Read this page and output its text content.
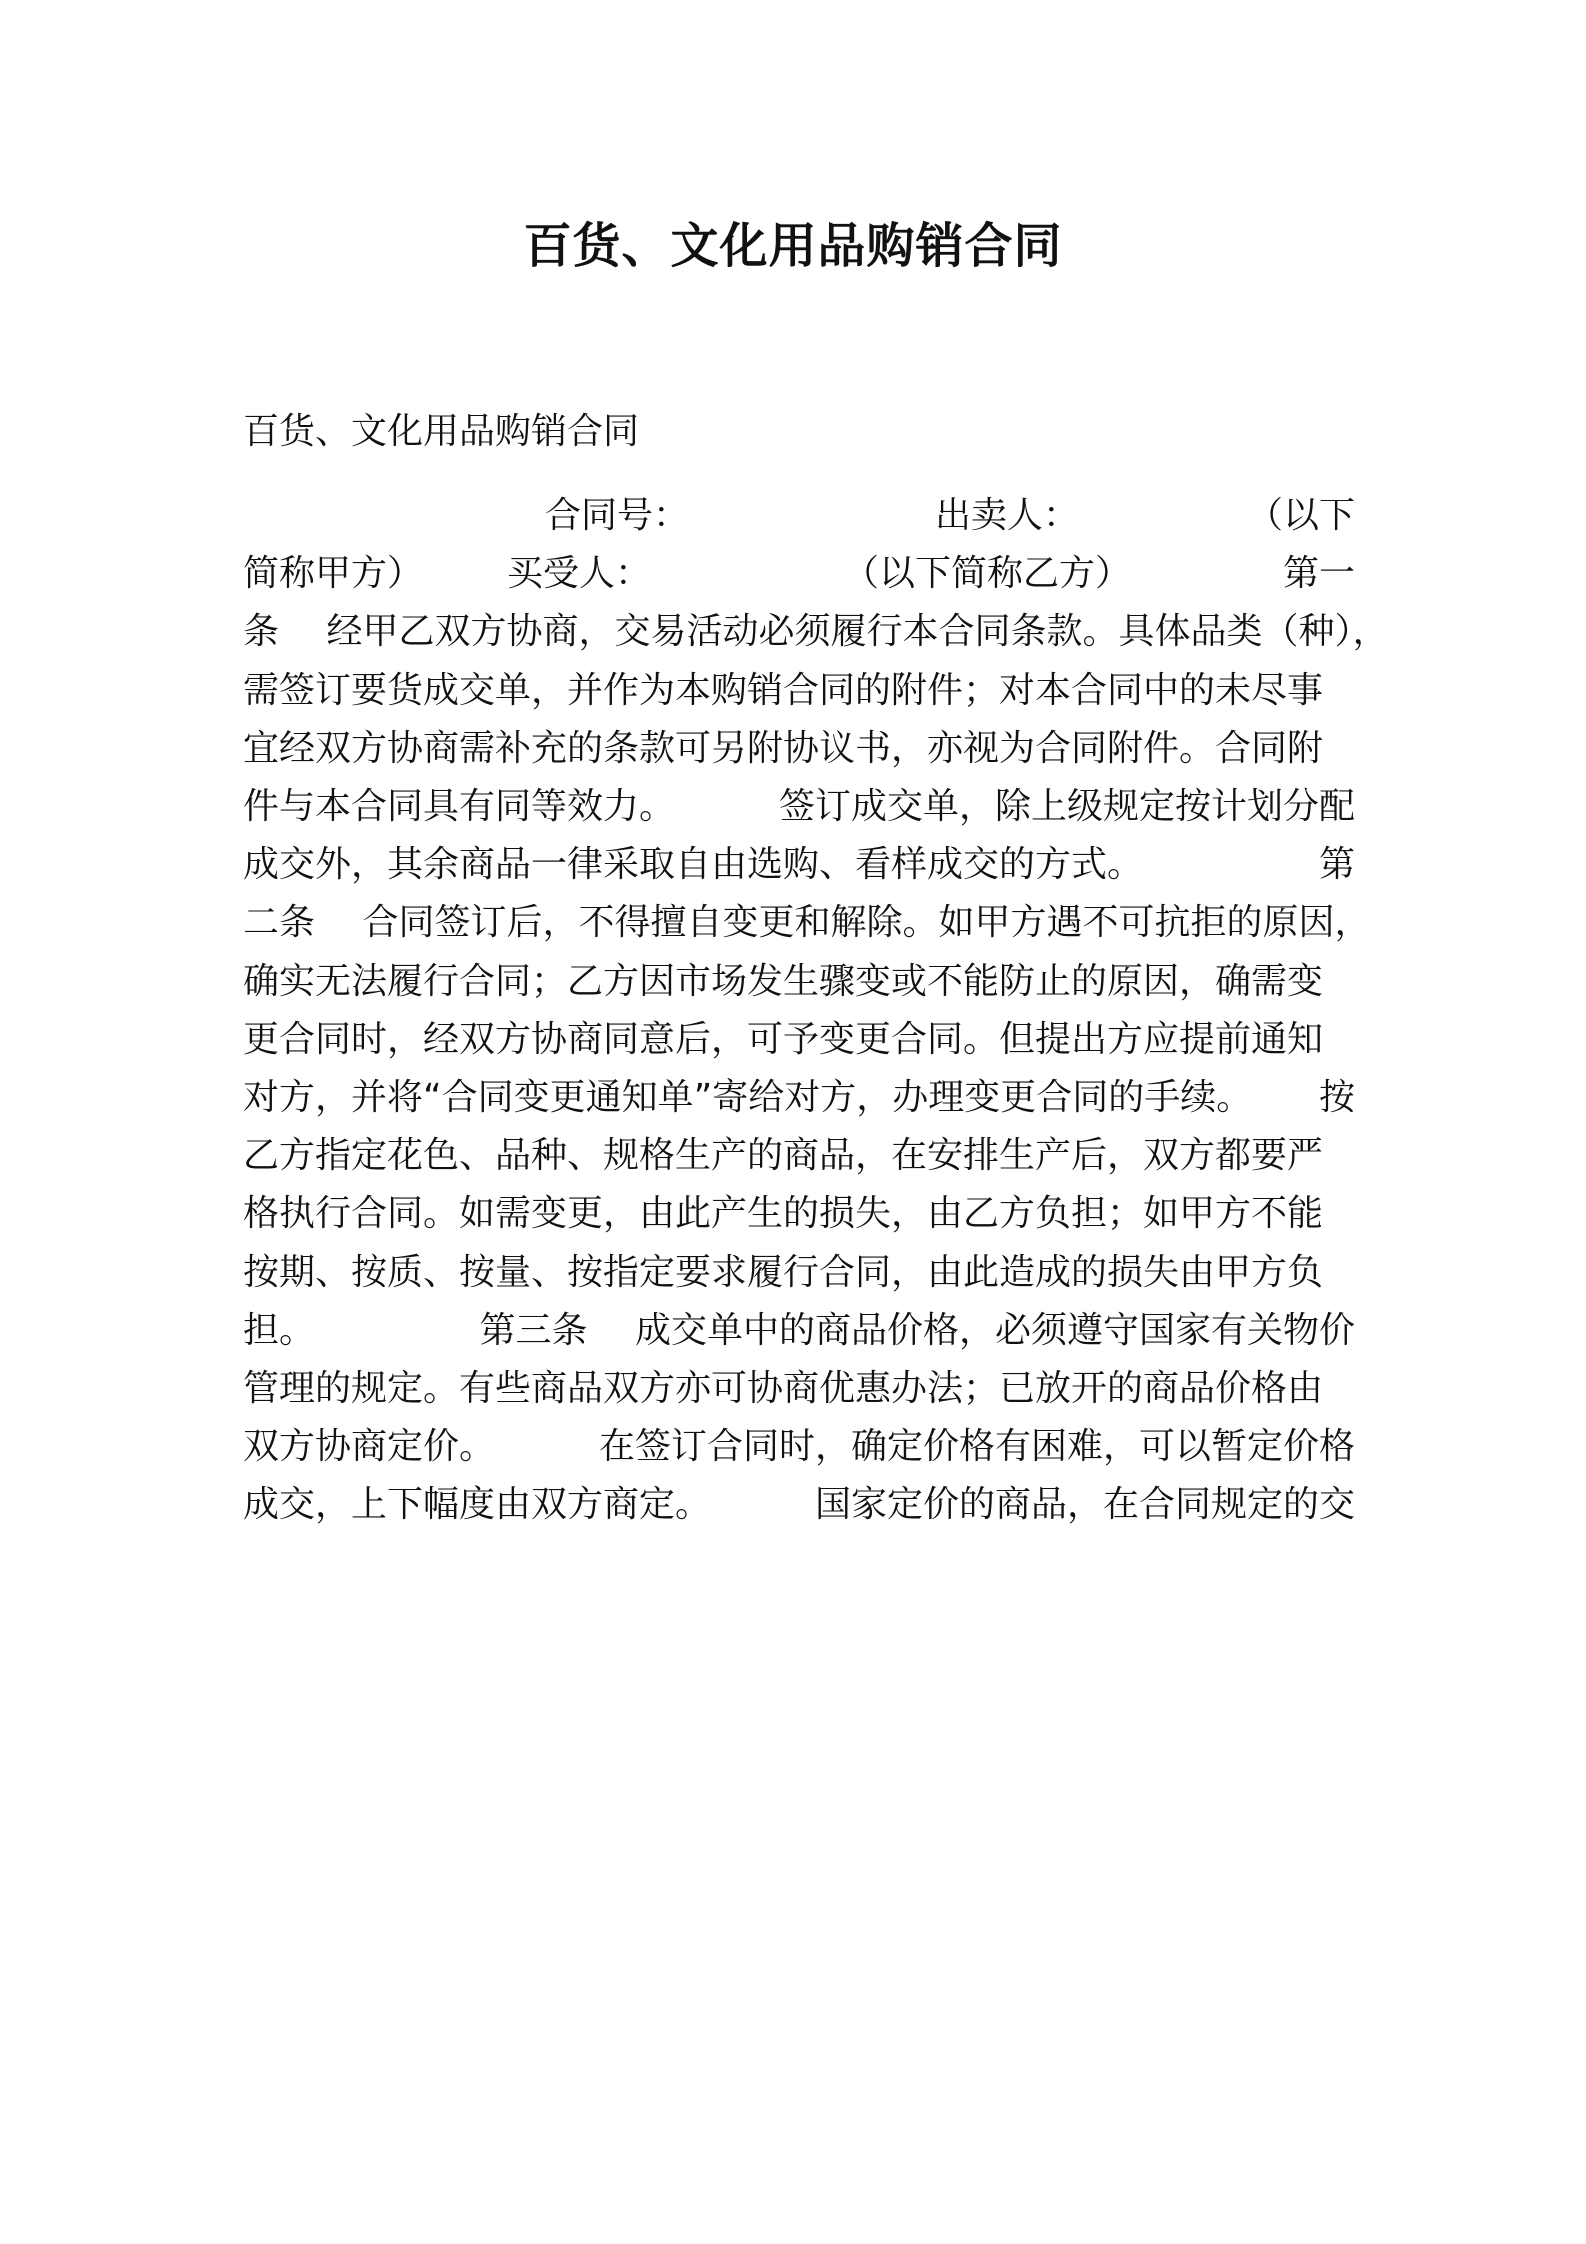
百货、文化用品购销合同

百货、文化用品购销合同

合同号：	出卖人：	（以下
简称甲方） 买受人：	（以下简称乙方）	第一
条 　经甲乙双方协商，交易活动必须履行本合同条款。具体品类（种），
需签订要货成交单，并作为本购销合同的附件；对本合同中的未尽事
宜经双方协商需补充的条款可另附协议书，亦视为合同附件。合同附
件与本合同具有同等效力。	签订成交单，除上级规定按计划分配
成交外，其余商品一律采取自由选购、看样成交的方式。	第
二条 　合同签订后，不得擅自变更和解除。如甲方遇不可抗拒的原因，
确实无法履行合同；乙方因市场发生骤变或不能防止的原因，确需变
更合同时，经双方协商同意后，可予变更合同。但提出方应提前通知
对方，并将“合同变更通知单”寄给对方，办理变更合同的手续。 按
乙方指定花色、品种、规格生产的商品，在安排生产后，双方都要严
格执行合同。如需变更，由此产生的损失，由乙方负担；如甲方不能
按期、按质、按量、按指定要求履行合同，由此造成的损失由甲方负
担。	第三条 　成交单中的商品价格，必须遵守国家有关物价
管理的规定。有些商品双方亦可协商优惠办法；已放开的商品价格由
双方协商定价。	在签订合同时，确定价格有困难，可以暂定价格
成交，上下幅度由双方商定。	国家定价的商品，在合同规定的交
